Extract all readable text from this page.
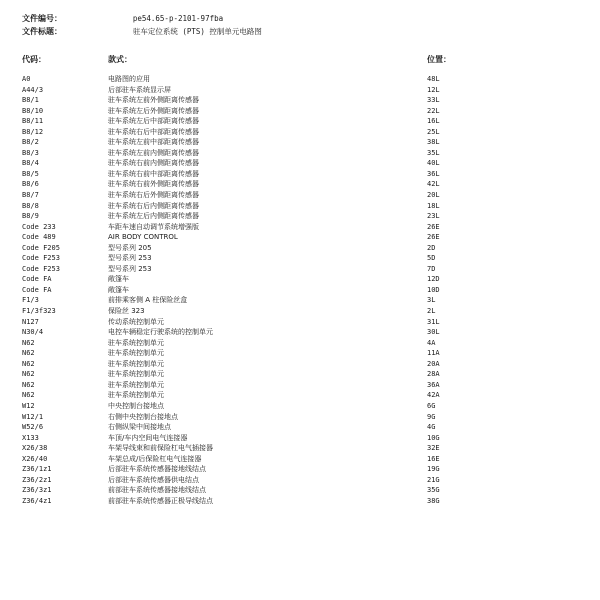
文件编号：	pe54.65-p-2101-97fba
文件标题：	驻车定位系统 (PTS) 控制单元电路图
代码：	款式：	位置：
A0	电路图的应用	48L
A44/3	后部驻车系统显示屏	12L
B8/1	驻车系统左前外侧距离传感器	33L
B8/10	驻车系统左后外侧距离传感器	22L
B8/11	驻车系统左后中部距离传感器	16L
B8/12	驻车系统右后中部距离传感器	25L
B8/2	驻车系统左前中部距离传感器	38L
B8/3	驻车系统左前内侧距离传感器	35L
B8/4	驻车系统右前内侧距离传感器	40L
B8/5	驻车系统右前中部距离传感器	36L
B8/6	驻车系统右前外侧距离传感器	42L
B8/7	驻车系统右后外侧距离传感器	20L
B8/8	驻车系统右后内侧距离传感器	18L
B8/9	驻车系统左后内侧距离传感器	23L
Code 233	车距车速自动调节系统增强版	26E
Code 489	AIR BODY CONTROL	26E
Code F205	型号系列 205	2D
Code F253	型号系列 253	5D
Code F253	型号系列 253	7D
Code FA	敞篷车	12D
Code FA	敞篷车	10D
F1/3	前排乘客侧 A 柱保险丝盒	3L
F1/3f323	保险丝 323	2L
N127	传动系统控制单元	31L
N30/4	电控车辆稳定行驶系统的控制单元	30L
N62	驻车系统控制单元	4A
N62	驻车系统控制单元	11A
N62	驻车系统控制单元	20A
N62	驻车系统控制单元	28A
N62	驻车系统控制单元	36A
N62	驻车系统控制单元	42A
W12	中央控制台接地点	6G
W12/1	右侧中央控制台接地点	9G
W52/6	右侧纵梁中间接地点	4G
X133	车顶/车内空间电气连接器	10G
X26/38	车架导线束和前保险杠电气插接器	32E
X26/40	车架总成/后保险杠电气连接器	16E
Z36/1z1	后部驻车系统传感器接地线结点	19G
Z36/2z1	后部驻车系统传感器供电结点	21G
Z36/3z1	前部驻车系统传感器接地线结点	35G
Z36/4z1	前部驻车系统传感器正极导线结点	38G
